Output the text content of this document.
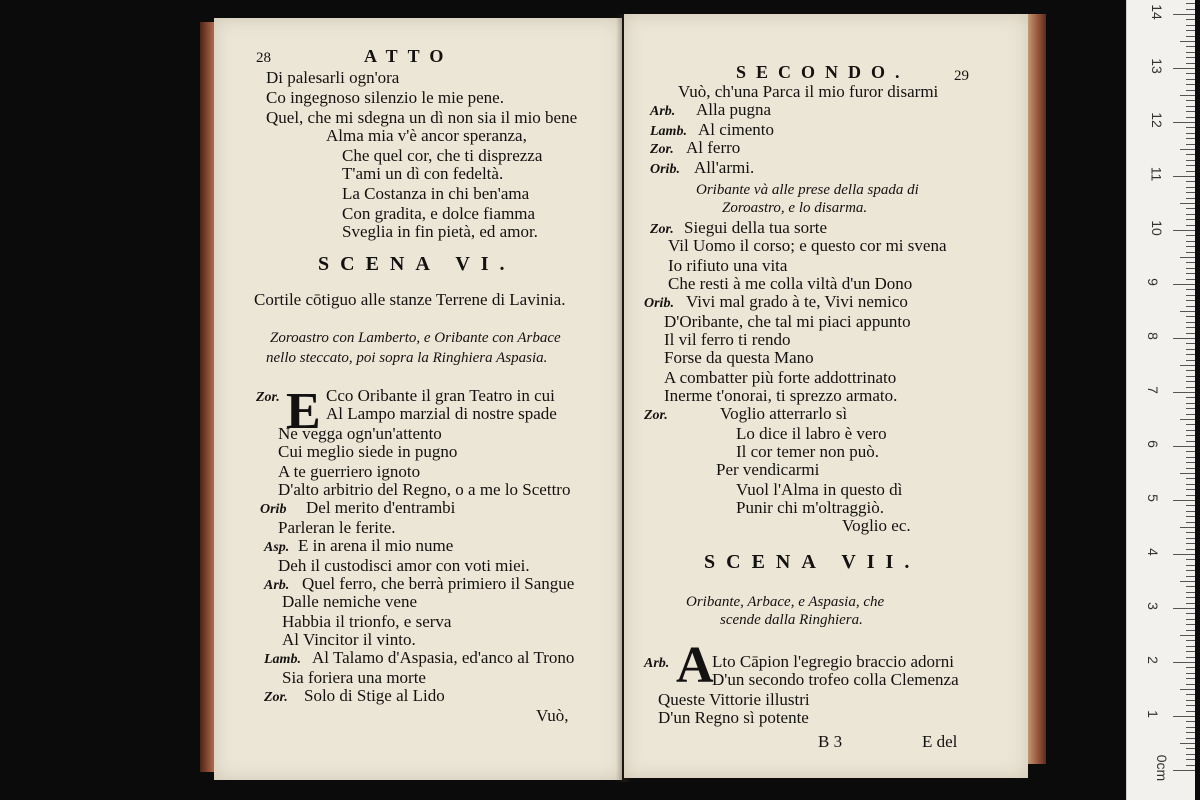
28	ATTO
Di palesarli ogn'ora
Co ingegnoso silenzio le mie pene.
Quel, che mi sdegna un dì non sia il mio bene
Alma mia v'è ancor speranza,
Che quel cor, che ti disprezza
T'ami un dì con fedeltà.
La Costanza in chi ben'ama
Con gradita, e dolce fiamma
Sveglia in fin pietà, ed amor.
SCENA VI.
Cortile cōtiguo alle stanze Terrene di Lavinia.
Zoroastro con Lamberto, e Oribante con Arbace
nello steccato, poi sopra la Ringhiera Aspasia.
E
Zor.	Cco Oribante il gran Teatro in cui
Al Lampo marzial di nostre spade
Ne vegga ogn'un'attento
Cui meglio siede in pugno
A te guerriero ignoto
D'alto arbitrio del Regno, o a me lo Scettro
Orib Del merito d'entrambi
Parleran le ferite.
Asp. E in arena il mio nume
Deh il custodisci amor con voti miei.
Arb. Quel ferro, che berrà primiero il Sangue
Dalle nemiche vene
Habbia il trionfo, e serva
Al Vincitor il vinto.
Lamb. Al Talamo d'Aspasia, ed'anco al Trono
Sia foriera una morte
Zor. Solo di Stige al Lido
Vuò,
SECONDO.	29
Vuò, ch'una Parca il mio furor disarmi
Arb. Alla pugna
Lamb. Al cimento
Zor. Al ferro
Orib. All'armi.
Oribante và alle prese della spada di
Zoroastro, e lo disarma.
Zor. Siegui della tua sorte
Vil Uomo il corso; e questo cor mi svena
Io rifiuto una vita
Che resti à me colla viltà d'un Dono
Orib. Vivi mal grado à te, Vivi nemico
D'Oribante, che tal mi piaci appunto
Il vil ferro ti rendo
Forse da questa Mano
A combatter più forte addottrinato
Inerme t'onorai, ti sprezzo armato.
Zor.	Voglio atterrarlo sì
Lo dice il labro è vero
Il cor temer non può.
Per vendicarmi
Vuol l'Alma in questo dì
Punir chi m'oltraggiò.
Voglio ec.
SCENA VII.
Oribante, Arbace, e Aspasia, che
scende dalla Ringhiera.
A
Arb.	Lto Cāpion l'egregio braccio adorni
D'un secondo trofeo colla Clemenza
Queste Vittorie illustri
D'un Regno sì potente
B 3	E del
0cm
1
2
3
4
5
6
7
8
9
10
11
12
13
14
